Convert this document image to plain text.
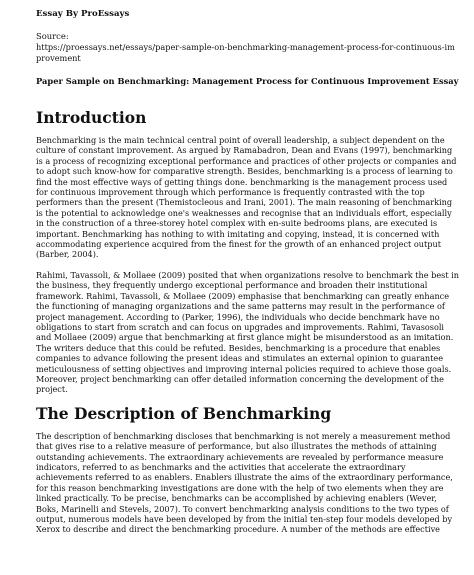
Essay By ProEssays

Source:

https://proessays.net/essays/paper-sample-on-benchmarking-management-process-for-continuous-improvement

Paper Sample on Benchmarking: Management Process for Continuous Improvement Essay

Introduction

Benchmarking is the main technical central point of overall leadership, a subject dependent on the culture of constant improvement. As argued by Ramabadron, Dean and Evans (1997), benchmarking is a process of recognizing exceptional performance and practices of other projects or companies and to adopt such know-how for comparative strength. Besides, benchmarking is a process of learning to find the most effective ways of getting things done. benchmarking is the management process used for continuous improvement through which performance is frequently contrasted with the top performers than the present (Themistocleous and Irani, 2001). The main reasoning of benchmarking is the potential to acknowledge one's weaknesses and recognise that an individuals effort, especially in the construction of a three-storey hotel complex with en-suite bedrooms plans, are executed is important. Benchmarking has nothing to with imitating and copying, instead, it is concerned with accommodating experience acquired from the finest for the growth of an enhanced project output (Barber, 2004).

Rahimi, Tavassoli, & Mollaee (2009) posited that when organizations resolve to benchmark the best in the business, they frequently undergo exceptional performance and broaden their institutional framework. Rahimi, Tavassoli, & Mollaee (2009) emphasise that benchmarking can greatly enhance the functioning of managing organizations and the same patterns may result in the performance of project management. According to (Parker, 1996), the individuals who decide benchmark have no obligations to start from scratch and can focus on upgrades and improvements. Rahimi, Tavasosoli and Mollaee (2009) argue that benchmarking at first glance might be misunderstood as an imitation. The writers deduce that this could be refuted. Besides, benchmarking is a procedure that enables companies to advance following the present ideas and stimulates an external opinion to guarantee meticulousness of setting objectives and improving internal policies required to achieve those goals. Moreover, project benchmarking can offer detailed information concerning the development of the project.

The Description of Benchmarking

The description of benchmarking discloses that benchmarking is not merely a measurement method that gives rise to a relative measure of performance, but also illustrates the methods of attaining outstanding achievements. The extraordinary achievements are revealed by performance measure indicators, referred to as benchmarks and the activities that accelerate the extraordinary achievements referred to as enablers. Enablers illustrate the aims of the extraordinary performance, for this reason benchmarking investigations are done with the help of two elements when they are linked practically. To be precise, benchmarks can be accomplished by achieving enablers (Wever, Boks, Marinelli and Stevels, 2007). To convert benchmarking analysis conditions to the two types of output, numerous models have been developed by from the initial ten-step four models developed by Xerox to describe and direct the benchmarking procedure. A number of the methods are effective
